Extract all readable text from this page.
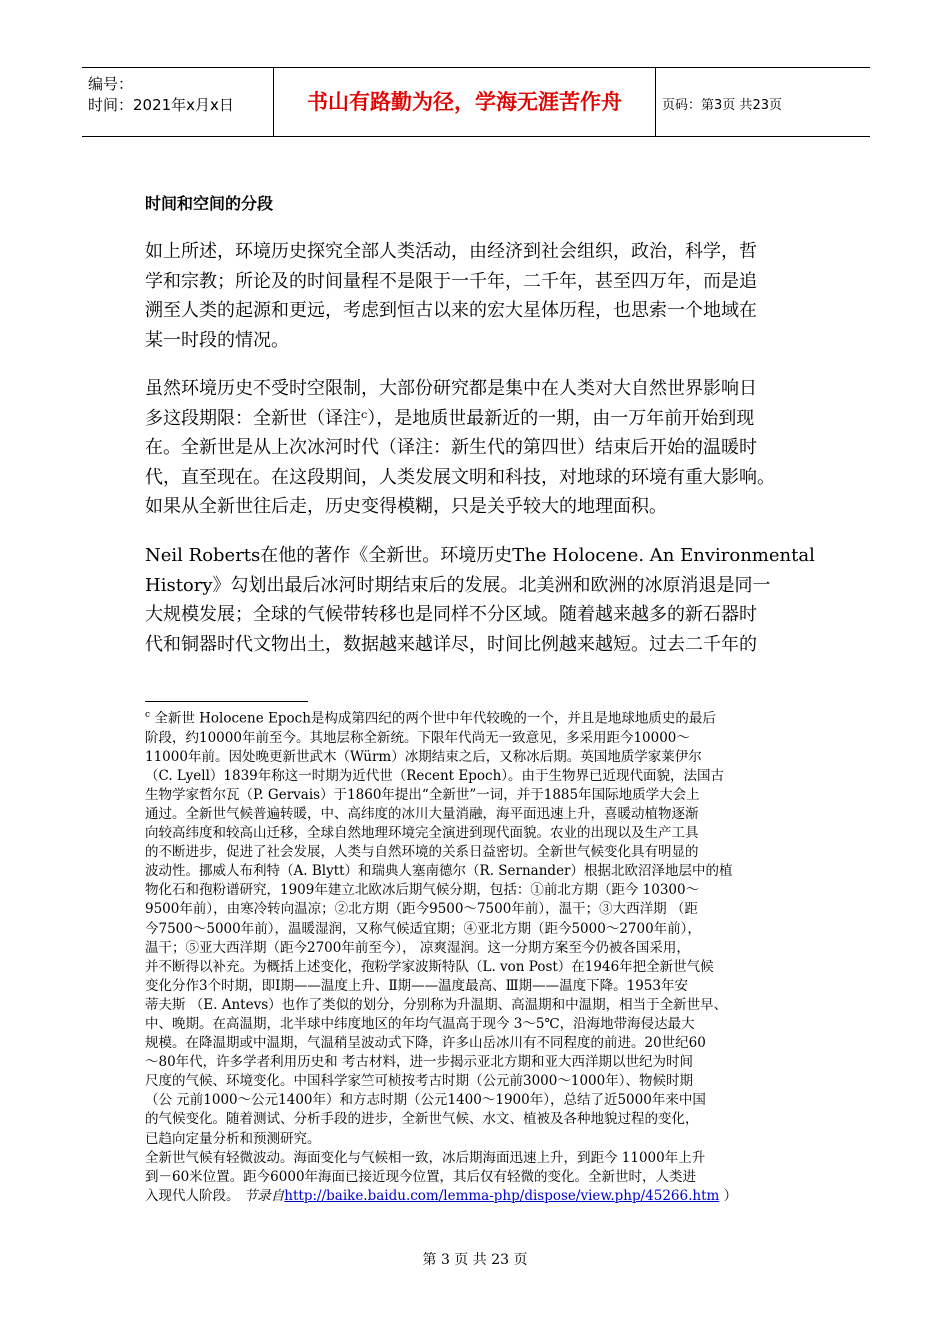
编号：
时间：2021年x月x日	书山有路勤为径，学海无涯苦作舟	页码：第3页 共23页
时间和空间的分段
如上所述，环境历史探究全部人类活动，由经济到社会组织，政治，科学，哲
学和宗教；所论及的时间量程不是限于一千年，二千年，甚至四万年，而是追
溯至人类的起源和更远，考虑到恒古以来的宏大星体历程，也思索一个地域在
某一时段的情况。
虽然环境历史不受时空限制，大部份研究都是集中在人类对大自然世界影响日
多这段期限：全新世（译注ᶜ），是地质世最新近的一期，由一万年前开始到现
在。全新世是从上次冰河时代（译注：新生代的第四世）结束后开始的温暖时
代，直至现在。在这段期间，人类发展文明和科技，对地球的环境有重大影响。
如果从全新世往后走，历史变得模糊，只是关乎较大的地理面积。
Neil Roberts在他的著作《全新世。环境历史The Holocene. An Environmental
History》勾划出最后冰河时期结束后的发展。北美洲和欧洲的冰原消退是同一
大规模发展；全球的气候带转移也是同样不分区域。随着越来越多的新石器时
代和铜器时代文物出土，数据越来越详尽，时间比例越来越短。过去二千年的
$^c$ 全新世 Holocene Epoch是构成第四纪的两个世中年代较晚的一个，并且是地球地质史的最后
阶段，约10000年前至今。其地层称全新统。下限年代尚无一致意见，多采用距今10000～
11000年前。因处晚更新世武木（Würm）冰期结束之后，又称冰后期。英国地质学家莱伊尔
（C. Lyell）1839年称这一时期为近代世（Recent Epoch）。由于生物界已近现代面貌，法国古
生物学家哲尔瓦（P. Gervais）于1860年提出“全新世”一词，并于1885年国际地质学大会上
通过。全新世气候普遍转暖，中、高纬度的冰川大量消融，海平面迅速上升，喜暖动植物逐渐
向较高纬度和较高山迁移，全球自然地理环境完全演进到现代面貌。农业的出现以及生产工具
的不断进步，促进了社会发展，人类与自然环境的关系日益密切。全新世气候变化具有明显的
波动性。挪威人布利特（A. Blytt）和瑞典人塞南德尔（R. Sernander）根据北欧沼泽地层中的植
物化石和孢粉谱研究，1909年建立北欧冰后期气候分期，包括：①前北方期（距今 10300～
9500年前），由寒冷转向温凉；②北方期（距今9500～7500年前），温干；③大西洋期 （距
今7500～5000年前），温暖湿润，又称气候适宜期；④亚北方期（距今5000～2700年前），
温干；⑤亚大西洋期（距今2700年前至今）， 凉爽湿润。这一分期方案至今仍被各国采用，
并不断得以补充。为概括上述变化，孢粉学家波斯特队（L. von Post）在1946年把全新世气候
变化分作3个时期，即Ⅰ期——温度上升、Ⅱ期——温度最高、Ⅲ期——温度下降。1953年安
蒂夫斯 （E. Antevs）也作了类似的划分，分别称为升温期、高温期和中温期，相当于全新世早、
中、晚期。在高温期，北半球中纬度地区的年均气温高于现今 3～5℃，沿海地带海侵达最大
规模。在降温期或中温期，气温稍呈波动式下降，许多山岳冰川有不同程度的前进。20世纪60
～80年代，许多学者利用历史和 考古材料，进一步揭示亚北方期和亚大西洋期以世纪为时间
尺度的气候、环境变化。中国科学家竺可桢按考古时期（公元前3000～1000年）、物候时期
（公 元前1000～公元1400年）和方志时期（公元1400～1900年），总结了近5000年来中国
的气候变化。随着测试、分析手段的进步，全新世气候、水文、植被及各种地貌过程的变化，
已趋向定量分析和预测研究。
全新世气候有轻微波动。海面变化与气候相一致，冰后期海面迅速上升，到距今 11000年上升
到－60米位置。距今6000年海面已接近现今位置，其后仅有轻微的变化。全新世时，人类进
入现代人阶段。 节录自http://baike.baidu.com/lemma-php/dispose/view.php/45266.htm ）
第 3 页 共 23 页
